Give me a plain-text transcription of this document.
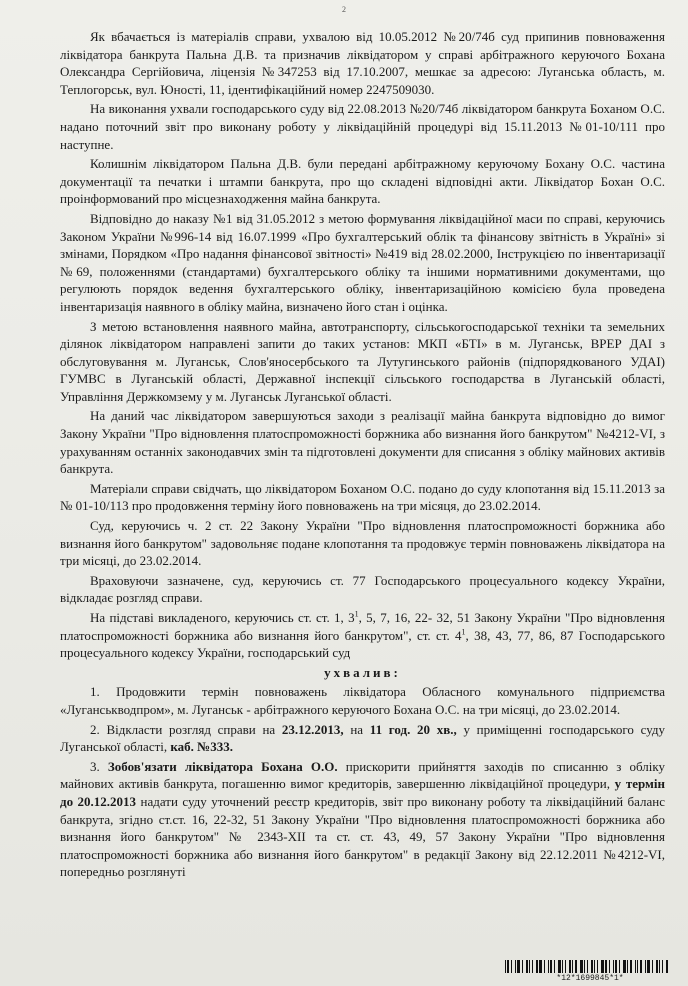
2

Як вбачається із матеріалів справи, ухвалою від 10.05.2012 №20/74б суд припинив повноваження ліквідатора банкрута Пальна Д.В. та призначив ліквідатором у справі арбітражного керуючого Бохана Олександра Сергійовича, ліцензія №347253 від 17.10.2007, мешкає за адресою: Луганська область, м. Теплогорськ, вул. Юності, 11, ідентифікаційний номер 2247509030.

На виконання ухвали господарського суду від 22.08.2013 №20/74б ліквідатором банкрута Боханом О.С. надано поточний звіт про виконану роботу у ліквідаційній процедурі від 15.11.2013 №01-10/111 про наступне.

Колишнім ліквідатором Пальна Д.В. були передані арбітражному керуючому Бохану О.С. частина документації та печатки і штампи банкрута, про що складені відповідні акти. Ліквідатор Бохан О.С. проінформований про місцезнаходження майна банкрута.

Відповідно до наказу №1 від 31.05.2012 з метою формування ліквідаційної маси по справі, керуючись Законом України №996-14 від 16.07.1999 «Про бухгалтерський облік та фінансову звітність в Україні» зі змінами, Порядком «Про надання фінансової звітності» №419 від 28.02.2000, Інструкцією по інвентаризації №69, положеннями (стандартами) бухгалтерського обліку та іншими нормативними документами, що регулюють порядок ведення бухгалтерського обліку, інвентаризаційною комісією була проведена інвентаризація наявного в обліку майна, визначено його стан і оцінка.

З метою встановлення наявного майна, автотранспорту, сільськогосподарської техніки та земельних ділянок ліквідатором направлені запити до таких установ: МКП «БТІ» в м. Луганськ, ВРЕР ДАІ з обслуговування м. Луганськ, Слов'яносербського та Лутугинського районів (підпорядкованого УДАІ) ГУМВС в Луганській області, Державної інспекції сільського господарства в Луганській області, Управління Держкомзему у м. Луганськ Луганської області.

На даний час ліквідатором завершуються заходи з реалізації майна банкрута відповідно до вимог Закону України "Про відновлення платоспроможності боржника або визнання його банкрутом" №4212-VI, з урахуванням останніх законодавчих змін та підготовлені документи для списання з обліку майнових активів банкрута.

Матеріали справи свідчать, що ліквідатором Боханом О.С. подано до суду клопотання від 15.11.2013 за № 01-10/113 про продовження терміну його повноважень на три місяця, до 23.02.2014.

Суд, керуючись ч. 2 ст. 22 Закону України "Про відновлення платоспроможності боржника або визнання його банкрутом" задовольняє подане клопотання та продовжує термін повноважень ліквідатора на три місяці, до 23.02.2014.

Враховуючи зазначене, суд, керуючись ст. 77 Господарського процесуального кодексу України, відкладає розгляд справи.

На підставі викладеного, керуючись ст. ст. 1, $3^1$, 5, 7, 16, 22- 32, 51 Закону України "Про відновлення платоспроможності боржника або визнання його банкрутом", ст. ст. $4^1$, 38, 43, 77, 86, 87 Господарського процесуального кодексу України, господарський суд

ухвалив:

1. Продовжити термін повноважень ліквідатора Обласного комунального підприємства «Луганськводпром», м. Луганськ - арбітражного керуючого Бохана О.С. на три місяці, до 23.02.2014.

2. Відкласти розгляд справи на 23.12.2013, на 11 год. 20 хв., у приміщенні господарського суду Луганської області, каб. №333.

3. Зобов'язати ліквідатора Бохана О.О. прискорити прийняття заходів по списанню з обліку майнових активів банкрута, погашенню вимог кредиторів, завершенню ліквідаційної процедури, у термін до 20.12.2013 надати суду уточнений реєстр кредиторів, звіт про виконану роботу та ліквідаційний баланс банкрута, згідно ст.ст. 16, 22-32, 51 Закону України "Про відновлення платоспроможності боржника або визнання його банкрутом" № 2343-XII та ст. ст. 43, 49, 57 Закону України "Про відновлення платоспроможності боржника або визнання його банкрутом" в редакції Закону від 22.12.2011 №4212-VI, попередньо розглянуті

*12*1699845*1*
